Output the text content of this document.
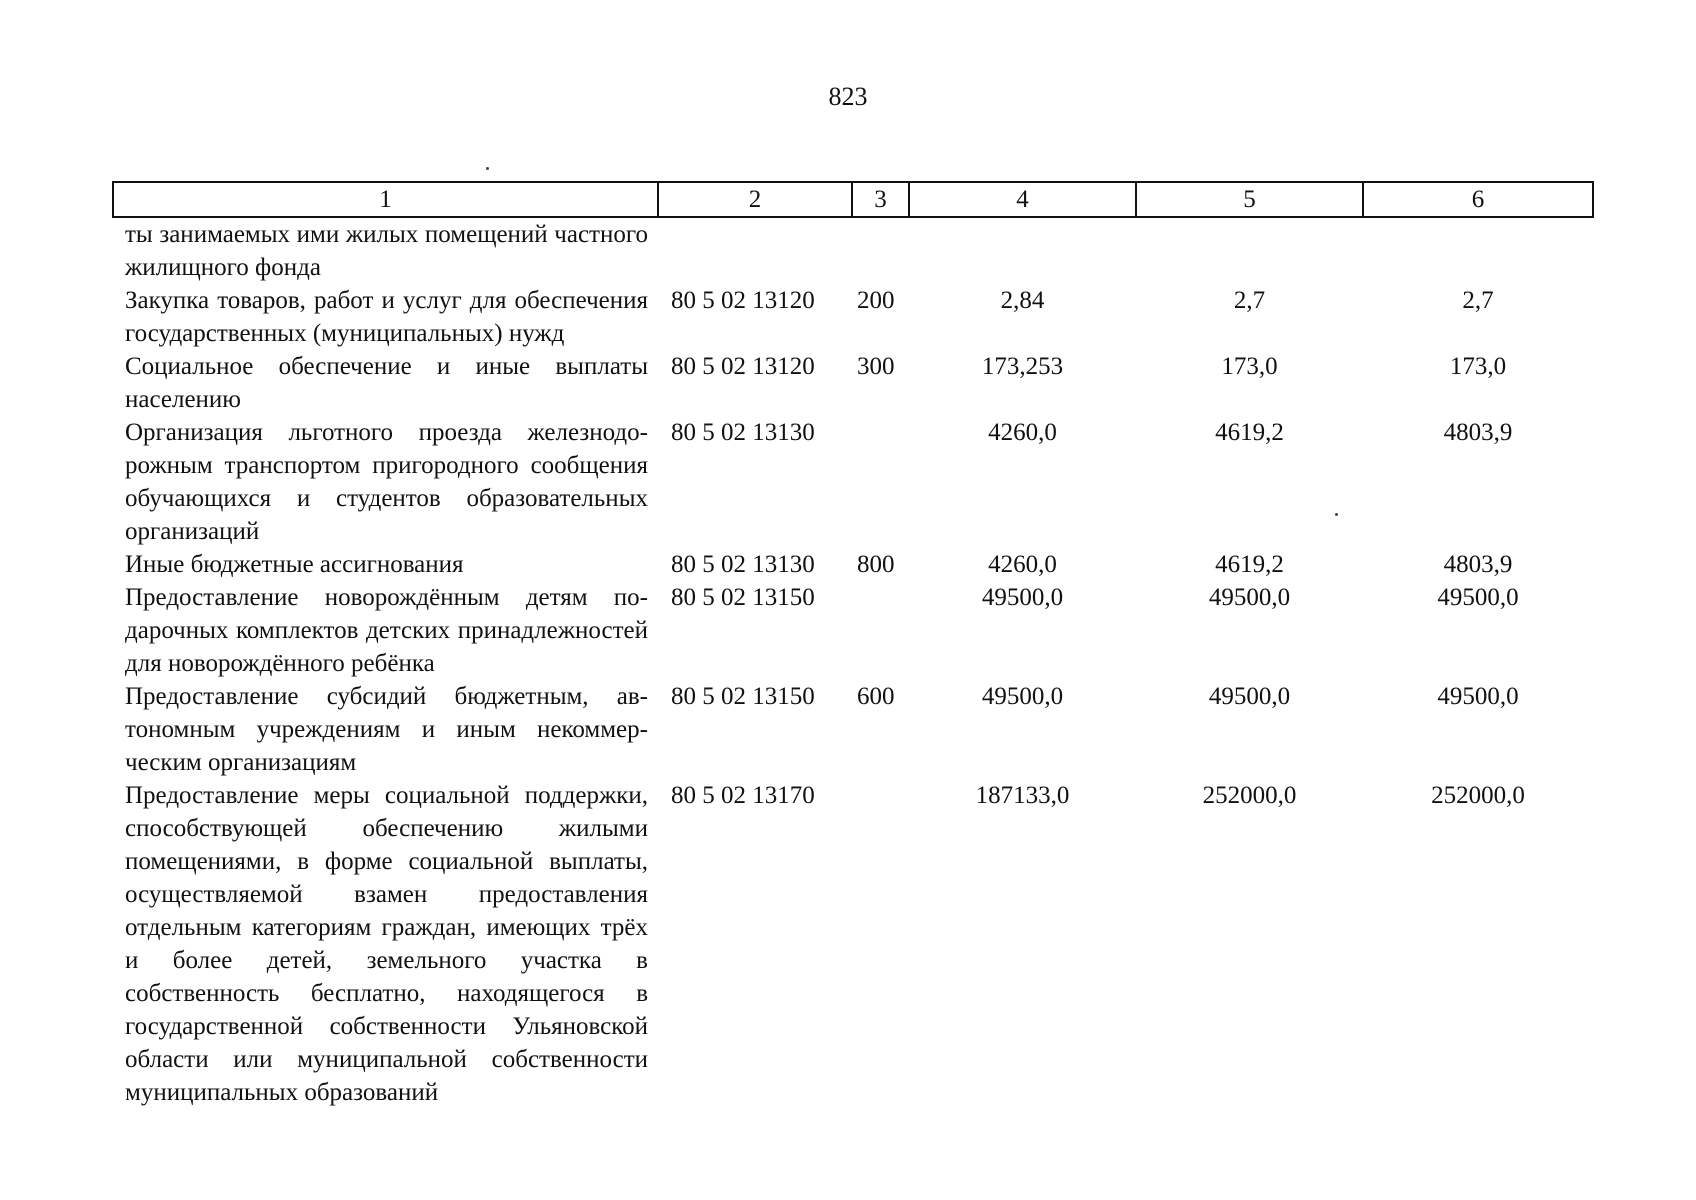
823
1	2	3	4	5	6
ты занимаемых ими жилых помещений частного жилищного фонда					
Закупка товаров, работ и услуг для обеспечения государственных (муниципальных) нужд	80 5 02 13120	200	2,84	2,7	2,7
Социальное обеспечение и иные выплаты населению	80 5 02 13120	300	173,253	173,0	173,0
Организация льготного проезда железнодорожным транспортом пригородного сообщения обучающихся и студентов образовательных организаций	80 5 02 13130		4260,0	4619,2	4803,9
Иные бюджетные ассигнования	80 5 02 13130	800	4260,0	4619,2	4803,9
Предоставление новорождённым детям подарочных комплектов детских принадлежностей для новорождённого ребёнка	80 5 02 13150		49500,0	49500,0	49500,0
Предоставление субсидий бюджетным, автономным учреждениям и иным некоммерческим организациям	80 5 02 13150	600	49500,0	49500,0	49500,0
Предоставление меры социальной поддержки, способствующей обеспечению жилыми помещениями, в форме социальной выплаты, осуществляемой взамен предоставления отдельным категориям граждан, имеющих трёх и более детей, земельного участка в собственность бесплатно, находящегося в государственной собственности Ульяновской области или муниципальной собственности муниципальных образований	80 5 02 13170		187133,0	252000,0	252000,0
